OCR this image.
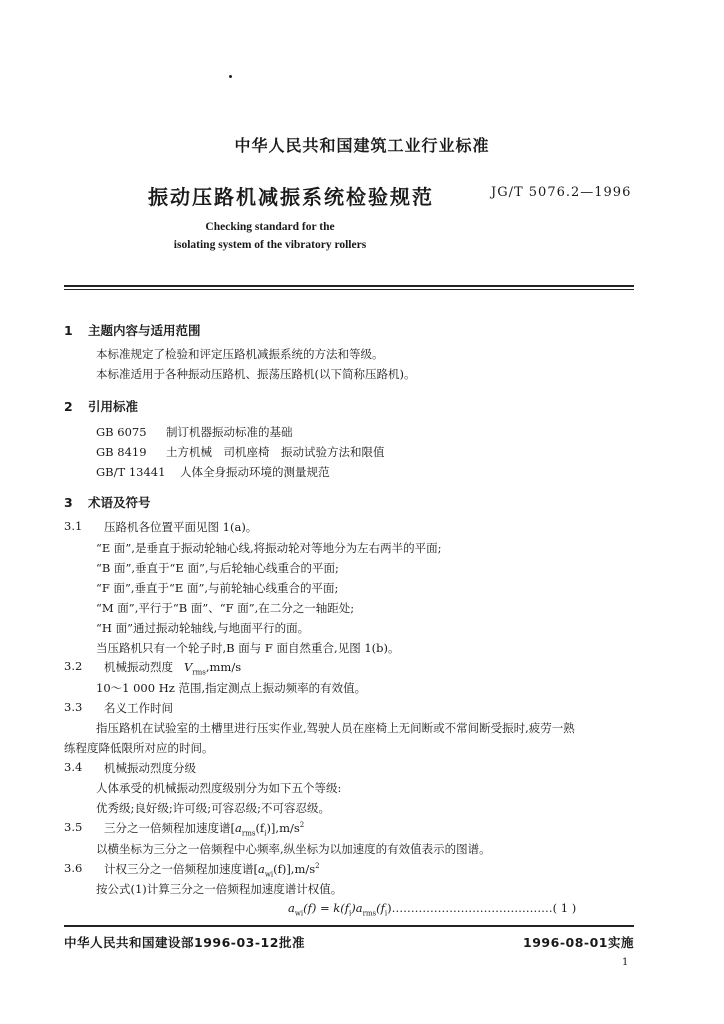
中华人民共和国建筑工业行业标准
振动压路机减振系统检验规范	JG/T 5076.2—1996
Checking standard for the
isolating system of the vibratory rollers
1 主题内容与适用范围
本标准规定了检验和评定压路机减振系统的方法和等级。
本标准适用于各种振动压路机、振荡压路机(以下简称压路机)。
2 引用标准
GB 6075 制订机器振动标准的基础
GB 8419 土方机械　司机座椅　振动试验方法和限值
GB/T 13441 人体全身振动环境的测量规范
3 术语及符号
3.1 压路机各位置平面见图 1(a)。
“E 面”,是垂直于振动轮轴心线,将振动轮对等地分为左右两半的平面;
“B 面”,垂直于“E 面”,与后轮轴心线重合的平面;
“F 面”,垂直于“E 面”,与前轮轴心线重合的平面;
“M 面”,平行于“B 面”、“F 面”,在二分之一轴距处;
“H 面”通过振动轮轴线,与地面平行的面。
当压路机只有一个轮子时,B 面与 F 面自然重合,见图 1(b)。
3.2 机械振动烈度 $V_{rms},mm/s$
10～1 000 Hz 范围,指定测点上振动频率的有效值。
3.3 名义工作时间
指压路机在试验室的土槽里进行压实作业,驾驶人员在座椅上无间断或不常间断受振时,疲劳一熟
练程度降低限所对应的时间。
3.4 机械振动烈度分级
人体承受的机械振动烈度级别分为如下五个等级:
优秀级;良好级;许可级;可容忍级;不可容忍级。
3.5 三分之一倍频程加速度谱$[a_{rms}(f_i)],m/s^2$
以横坐标为三分之一倍频程中心频率,纵坐标为以加速度的有效值表示的图谱。
3.6 计权三分之一倍频程加速度谱$[a_{wi}(f)],m/s^2$
按公式(1)计算三分之一倍频程加速度谱计权值。
$a_{wi}(f)$ = $k(f_i)a_{rms}(f_i)\dots\dots\dots\dots\dots\dots\dots\dots\dots\dots\dots\dots\dots\dots$( 1 )
中华人民共和国建设部1996-03-12批准	1996-08-01实施
1
